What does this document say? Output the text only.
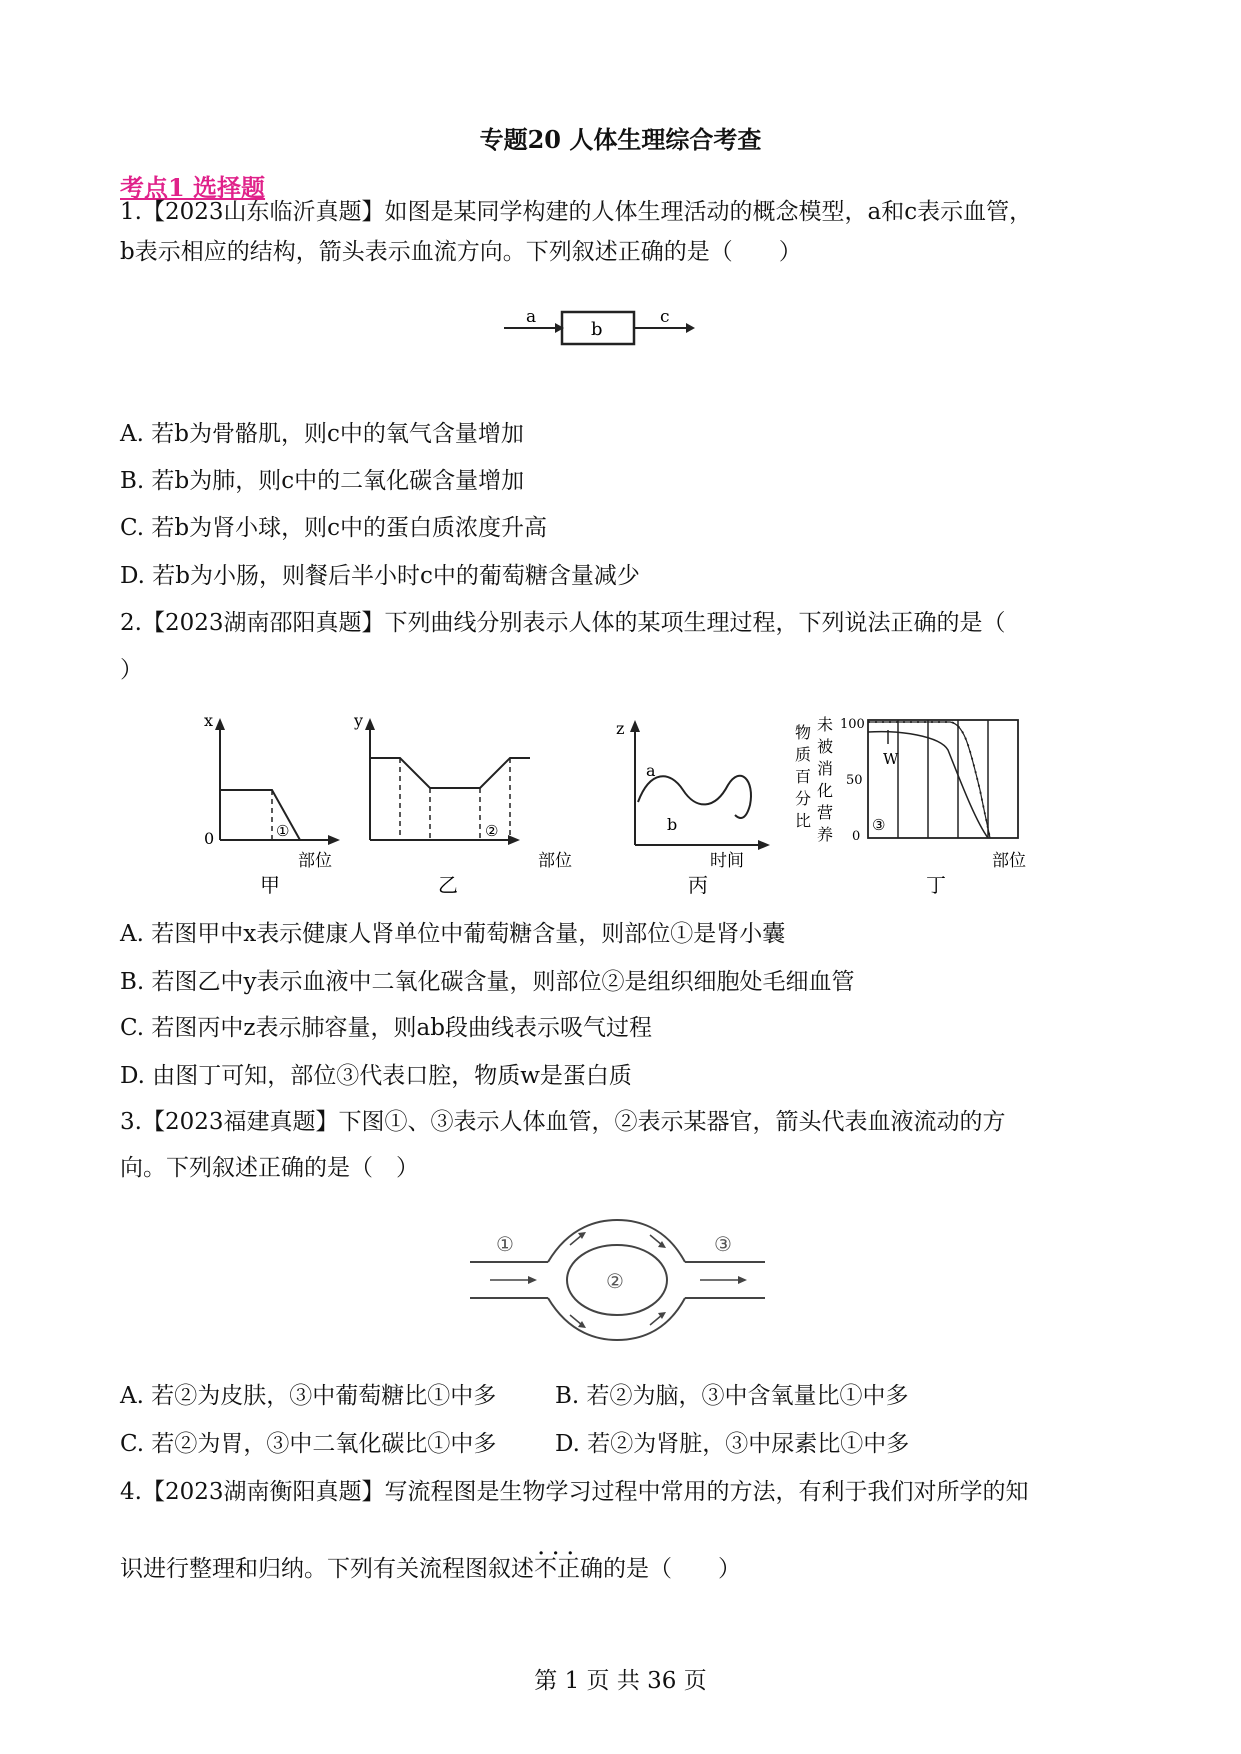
专题20 人体生理综合考查
考点1 选择题
1.【2023山东临沂真题】如图是某同学构建的人体生理活动的概念模型，a和c表示血管，
b表示相应的结构，箭头表示血流方向。下列叙述正确的是（　　）
a
b
c
A. 若b为骨骼肌，则c中的氧气含量增加
B. 若b为肺，则c中的二氧化碳含量增加
C. 若b为肾小球，则c中的蛋白质浓度升高
D. 若b为小肠，则餐后半小时c中的葡萄糖含量减少
2.【2023湖南邵阳真题】下列曲线分别表示人体的某项生理过程，下列说法正确的是（
）
x
0	①
部位
甲
y
②
部位
乙
z
a
b
时间
丙
物
质
百
分
比
未
被
消
化
营
养
100
50
0
W
③
部位
丁
A. 若图甲中x表示健康人肾单位中葡萄糖含量，则部位①是肾小囊
B. 若图乙中y表示血液中二氧化碳含量，则部位②是组织细胞处毛细血管
C. 若图丙中z表示肺容量，则ab段曲线表示吸气过程
D. 由图丁可知，部位③代表口腔，物质w是蛋白质
3.【2023福建真题】下图①、③表示人体血管，②表示某器官，箭头代表血液流动的方
向。下列叙述正确的是（　）
①
②
③
A. 若②为皮肤，③中葡萄糖比①中多	B. 若②为脑，③中含氧量比①中多
C. 若②为胃，③中二氧化碳比①中多	D. 若②为肾脏，③中尿素比①中多
4.【2023湖南衡阳真题】写流程图是生物学习过程中常用的方法，有利于我们对所学的知
识进行整理和归纳。下列有关流程图叙述· · · 不正确的是（　　）
第 1 页 共 36 页
